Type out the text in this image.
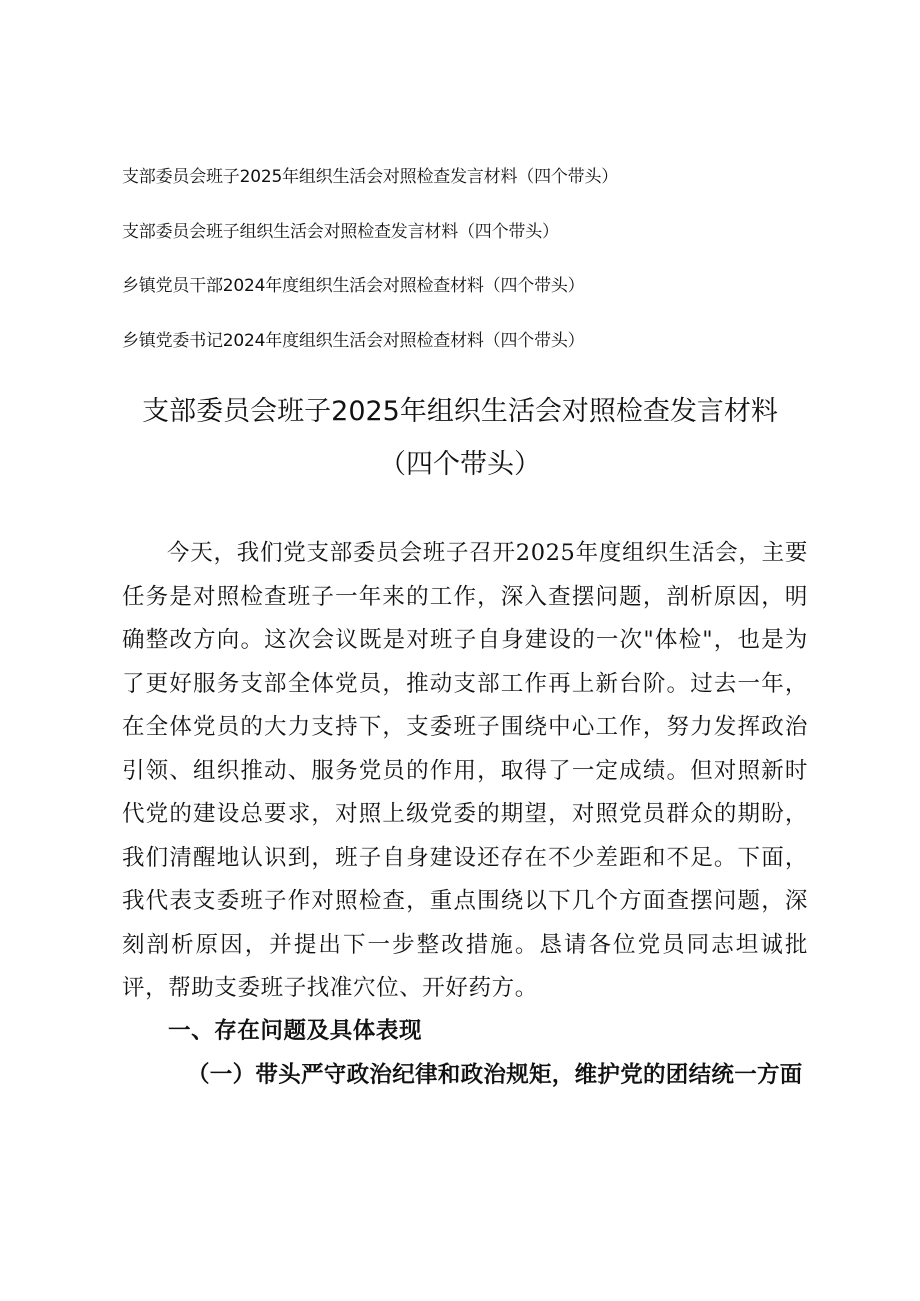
支部委员会班子2025年组织生活会对照检查发言材料（四个带头）
支部委员会班子组织生活会对照检查发言材料（四个带头）
乡镇党员干部2024年度组织生活会对照检查材料（四个带头）
乡镇党委书记2024年度组织生活会对照检查材料（四个带头）
支部委员会班子2025年组织生活会对照检查发言材料
（四个带头）

今天，我们党支部委员会班子召开2025年度组织生活会，主要任务是对照检查班子一年来的工作，深入查摆问题，剖析原因，明确整改方向。这次会议既是对班子自身建设的一次"体检"，也是为了更好服务支部全体党员，推动支部工作再上新台阶。过去一年，在全体党员的大力支持下，支委班子围绕中心工作，努力发挥政治引领、组织推动、服务党员的作用，取得了一定成绩。但对照新时代党的建设总要求，对照上级党委的期望，对照党员群众的期盼，我们清醒地认识到，班子自身建设还存在不少差距和不足。下面，我代表支委班子作对照检查，重点围绕以下几个方面查摆问题，深刻剖析原因，并提出下一步整改措施。恳请各位党员同志坦诚批评，帮助支委班子找准穴位、开好药方。

一、存在问题及具体表现
（一）带头严守政治纪律和政治规矩，维护党的团结统一方面
